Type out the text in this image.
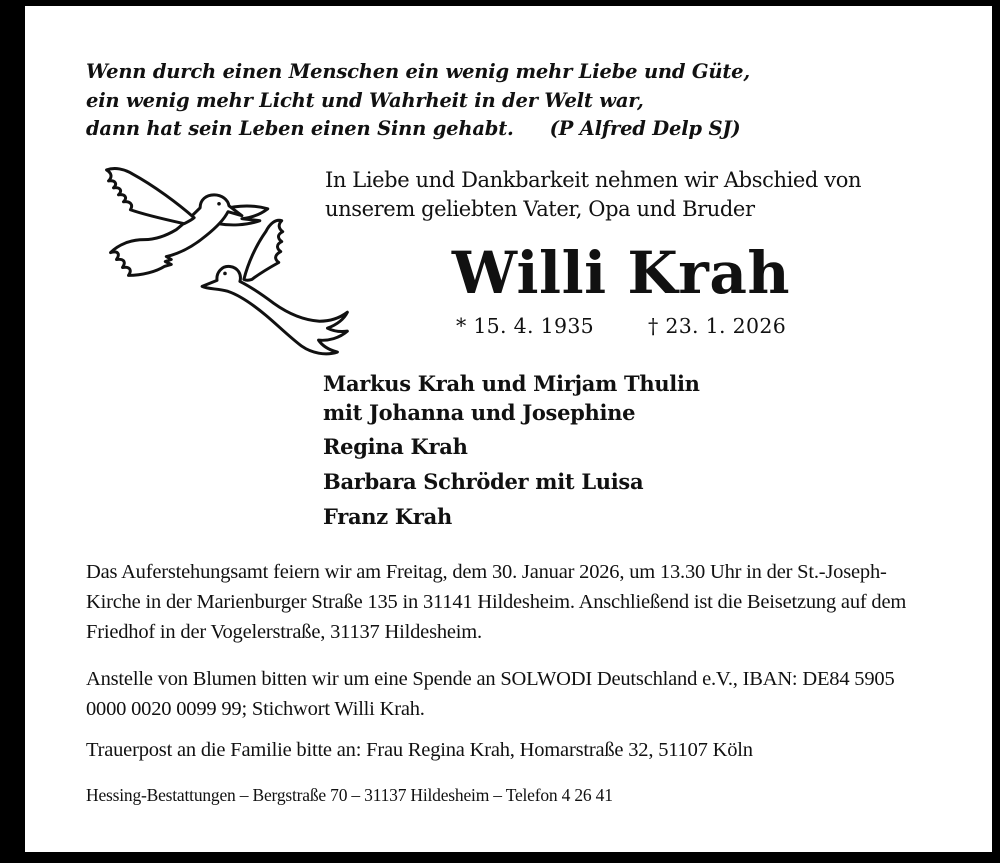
Wenn durch einen Menschen ein wenig mehr Liebe und Güte,
ein wenig mehr Licht und Wahrheit in der Welt war,
dann hat sein Leben einen Sinn gehabt. (P Alfred Delp SJ)
In Liebe und Dankbarkeit nehmen wir Abschied von unserem geliebten Vater, Opa und Bruder
Willi Krah
* 15. 4. 1935	† 23. 1. 2026
Markus Krah und Mirjam Thulin
mit Johanna und Josephine
Regina Krah
Barbara Schröder mit Luisa
Franz Krah
Das Auferstehungsamt feiern wir am Freitag, dem 30. Januar 2026, um 13.30 Uhr in der St.-Joseph-Kirche in der Marienburger Straße 135 in 31141 Hildesheim. Anschließend ist die Beisetzung auf dem Friedhof in der Vogelerstraße, 31137 Hildesheim.
Anstelle von Blumen bitten wir um eine Spende an SOLWODI Deutschland e.V., IBAN: DE84 5905 0000 0020 0099 99; Stichwort Willi Krah.
Trauerpost an die Familie bitte an: Frau Regina Krah, Homarstraße 32, 51107 Köln
Hessing-Bestattungen – Bergstraße 70 – 31137 Hildesheim – Telefon 4 26 41
